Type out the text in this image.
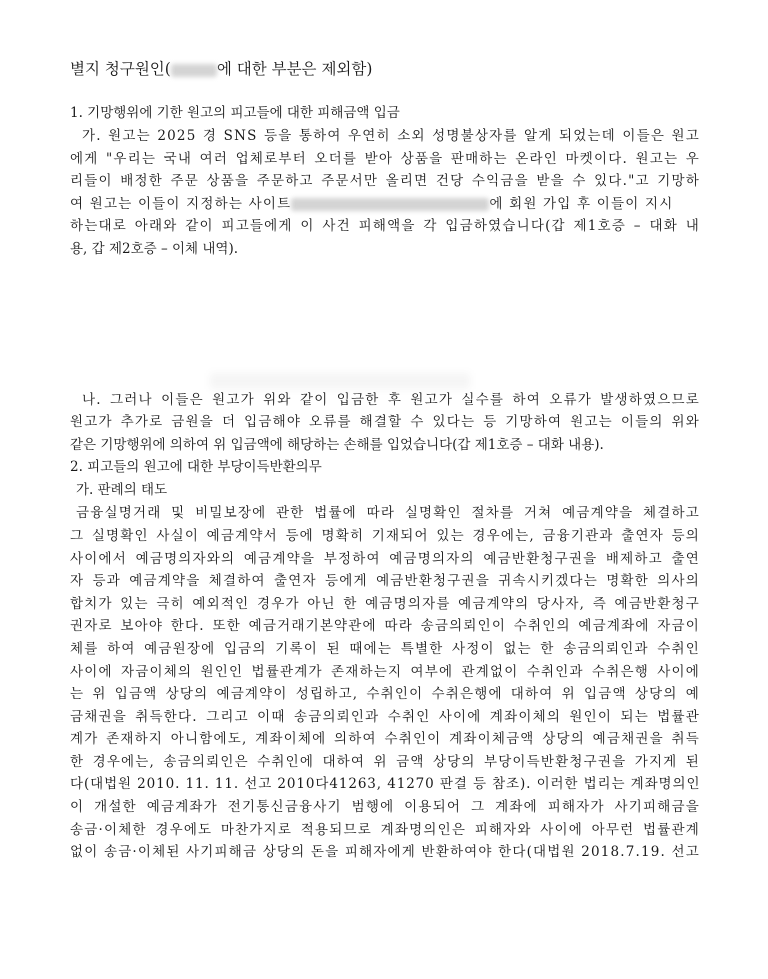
별지 청구원인(	에 대한 부분은 제외함)
1. 기망행위에 기한 원고의 피고들에 대한 피해금액 입금
가. 원고는 2025 경 SNS 등을 통하여 우연히 소외 성명불상자를 알게 되었는데 이들은 원고
에게 "우리는 국내 여러 업체로부터 오더를 받아 상품을 판매하는 온라인 마켓이다. 원고는 우
리들이 배정한 주문 상품을 주문하고 주문서만 올리면 건당 수익금을 받을 수 있다."고 기망하
여 원고는 이들이 지정하는 사이트	에 회원 가입 후 이들이 지시
하는대로 아래와 같이 피고들에게 이 사건 피해액을 각 입금하였습니다(갑 제1호증 – 대화 내
용, 갑 제2호증 – 이체 내역).
나. 그러나 이들은 원고가 위와 같이 입금한 후 원고가 실수를 하여 오류가 발생하였으므로
원고가 추가로 금원을 더 입금해야 오류를 해결할 수 있다는 등 기망하여 원고는 이들의 위와
같은 기망행위에 의하여 위 입금액에 해당하는 손해를 입었습니다(갑 제1호증 – 대화 내용).
2. 피고들의 원고에 대한 부당이득반환의무
가. 판례의 태도
금융실명거래 및 비밀보장에 관한 법률에 따라 실명확인 절차를 거쳐 예금계약을 체결하고
그 실명확인 사실이 예금계약서 등에 명확히 기재되어 있는 경우에는, 금융기관과 출연자 등의
사이에서 예금명의자와의 예금계약을 부정하여 예금명의자의 예금반환청구권을 배제하고 출연
자 등과 예금계약을 체결하여 출연자 등에게 예금반환청구권을 귀속시키겠다는 명확한 의사의
합치가 있는 극히 예외적인 경우가 아닌 한 예금명의자를 예금계약의 당사자, 즉 예금반환청구
권자로 보아야 한다. 또한 예금거래기본약관에 따라 송금의뢰인이 수취인의 예금계좌에 자금이
체를 하여 예금원장에 입금의 기록이 된 때에는 특별한 사정이 없는 한 송금의뢰인과 수취인
사이에 자금이체의 원인인 법률관계가 존재하는지 여부에 관계없이 수취인과 수취은행 사이에
는 위 입금액 상당의 예금계약이 성립하고, 수취인이 수취은행에 대하여 위 입금액 상당의 예
금채권을 취득한다. 그리고 이때 송금의뢰인과 수취인 사이에 계좌이체의 원인이 되는 법률관
계가 존재하지 아니함에도, 계좌이체에 의하여 수취인이 계좌이체금액 상당의 예금채권을 취득
한 경우에는, 송금의뢰인은 수취인에 대하여 위 금액 상당의 부당이득반환청구권을 가지게 된
다(대법원 2010. 11. 11. 선고 2010다41263, 41270 판결 등 참조). 이러한 법리는 계좌명의인
이 개설한 예금계좌가 전기통신금융사기 범행에 이용되어 그 계좌에 피해자가 사기피해금을
송금·이체한 경우에도 마찬가지로 적용되므로 계좌명의인은 피해자와 사이에 아무런 법률관계
없이 송금·이체된 사기피해금 상당의 돈을 피해자에게 반환하여야 한다(대법원 2018.7.19. 선고
